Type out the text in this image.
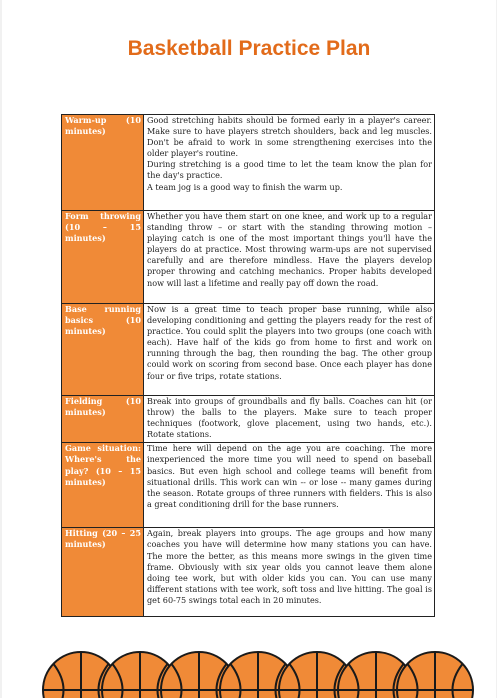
Basketball Practice Plan
Warm-up (10 minutes)	Good stretching habits should be formed early in a player's career. Make sure to have players stretch shoulders, back and leg muscles. Don't be afraid to work in some strengthening exercises into the older player's routine.
During stretching is a good time to let the team know the plan for the day's practice.
A team jog is a good way to finish the warm up.

Form throwing (10 – 15 minutes)	Whether you have them start on one knee, and work up to a regular standing throw – or start with the standing throwing motion – playing catch is one of the most important things you'll have the players do at practice. Most throwing warm-ups are not supervised carefully and are therefore mindless. Have the players develop proper throwing and catching mechanics. Proper habits developed now will last a lifetime and really pay off down the road.

Base running basics (10 minutes)	Now is a great time to teach proper base running, while also developing conditioning and getting the players ready for the rest of practice. You could split the players into two groups (one coach with each). Have half of the kids go from home to first and work on running through the bag, then rounding the bag. The other group could work on scoring from second base. Once each player has done four or five trips, rotate stations.

Fielding (10 minutes)	Break into groups of groundballs and fly balls. Coaches can hit (or throw) the balls to the players. Make sure to teach proper techniques (footwork, glove placement, using two hands, etc.). Rotate stations.

Game situation: Where's the play? (10 – 15 minutes)	Time here will depend on the age you are coaching. The more inexperienced the more time you will need to spend on baseball basics. But even high school and college teams will benefit from situational drills. This work can win -- or lose -- many games during the season. Rotate groups of three runners with fielders. This is also a great conditioning drill for the base runners.

Hitting (20 – 25 minutes)	Again, break players into groups. The age groups and how many coaches you have will determine how many stations you can have. The more the better, as this means more swings in the given time frame. Obviously with six year olds you cannot leave them alone doing tee work, but with older kids you can. You can use many different stations with tee work, soft toss and live hitting. The goal is get 60-75 swings total each in 20 minutes.
